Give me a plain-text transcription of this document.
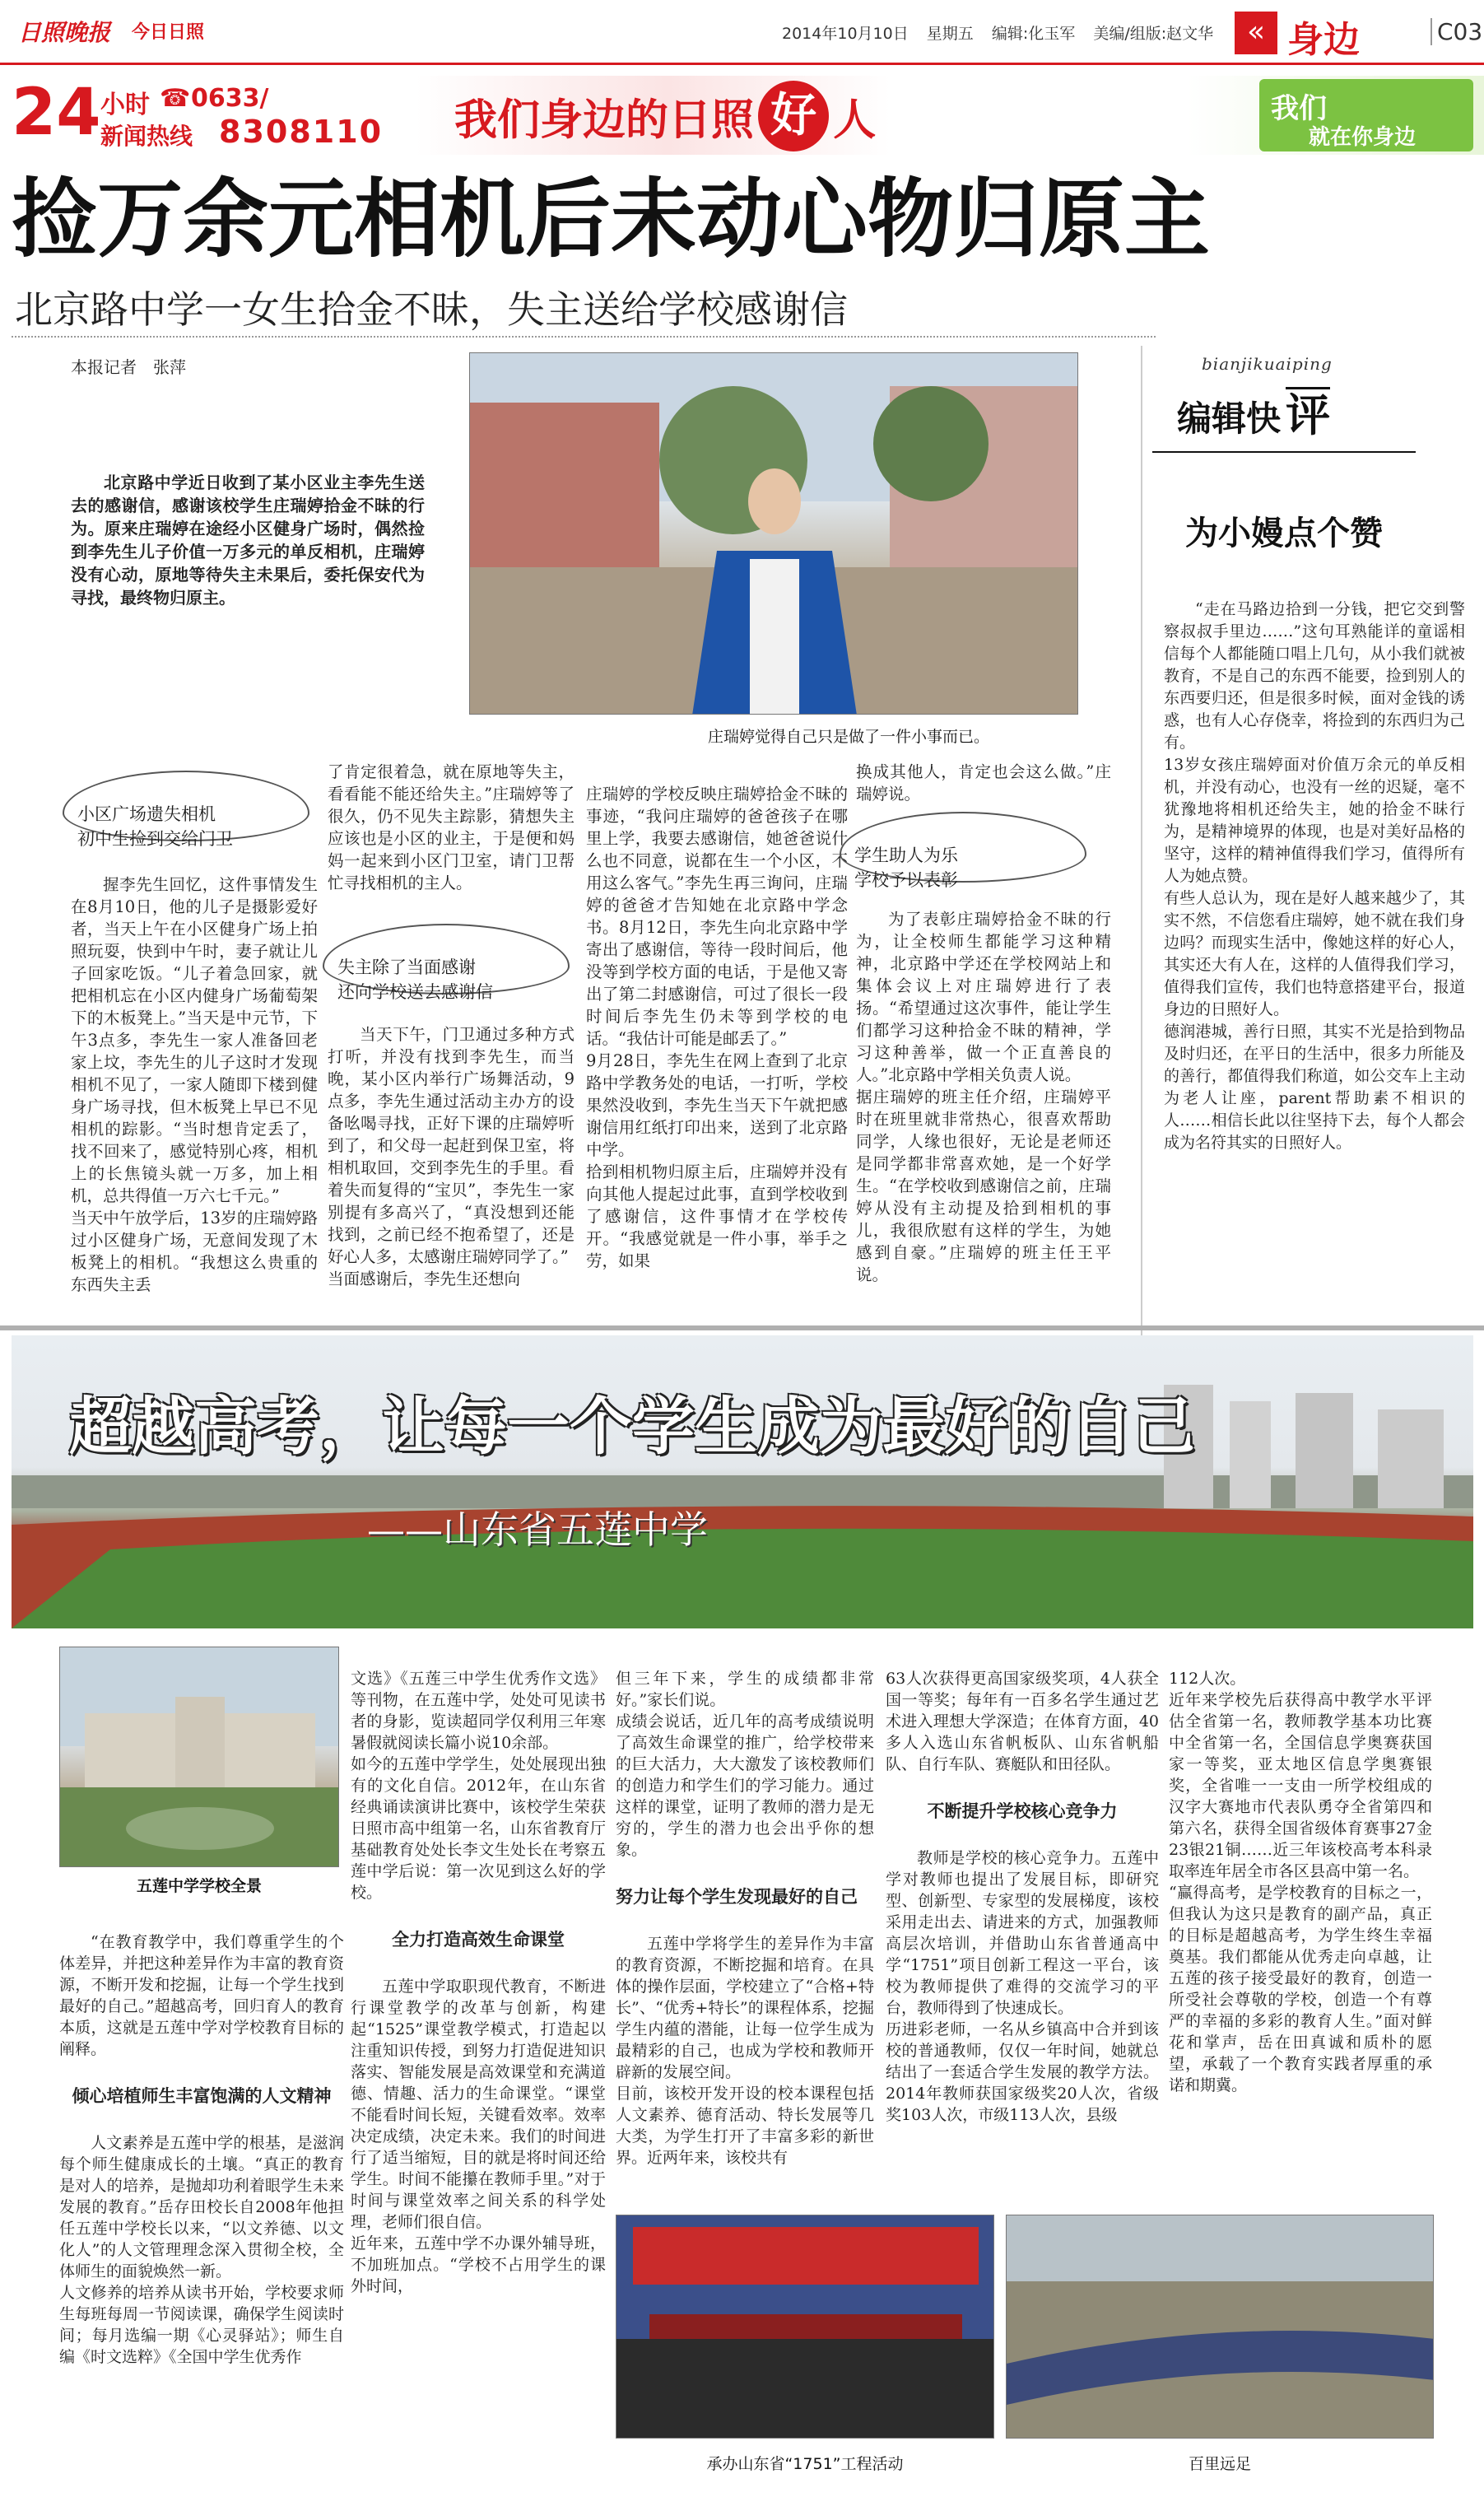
日照晚报 今日日照	2014年10月10日 星期五 编辑:化玉军 美编/组版:赵文华	« 身边	C03
24 小时 ☎
新闻热线
0633/
8308110 我们身边的日照 好 人	我们
就在你身边
捡万余元相机后未动心物归原主
北京路中学一女生拾金不昧，失主送给学校感谢信
本报记者　张萍

北京路中学近日收到了某小区业主李先生送去的感谢信，感谢该校学生庄瑞婷拾金不昧的行为。原来庄瑞婷在途经小区健身广场时，偶然捡到李先生儿子价值一万多元的单反相机，庄瑞婷没有心动，原地等待失主未果后，委托保安代为寻找，最终物归原主。

庄瑞婷觉得自己只是做了一件小事而已。

小区广场遗失相机
初中生捡到交给门卫

握李先生回忆，这件事情发生在8月10日，他的儿子是摄影爱好者，当天上午在小区健身广场上拍照玩耍，快到中午时，妻子就让儿子回家吃饭。“儿子着急回家，就把相机忘在小区内健身广场葡萄架下的木板凳上。”当天是中元节，下午3点多，李先生一家人准备回老家上坟，李先生的儿子这时才发现相机不见了，一家人随即下楼到健身广场寻找，但木板凳上早已不见相机的踪影。“当时想肯定丢了，找不回来了，感觉特别心疼，相机上的长焦镜头就一万多，加上相机，总共得值一万六七千元。”
当天中午放学后，13岁的庄瑞婷路过小区健身广场，无意间发现了木板凳上的相机。“我想这么贵重的东西失主丢

了肯定很着急，就在原地等失主，看看能不能还给失主。”庄瑞婷等了很久，仍不见失主踪影，猜想失主应该也是小区的业主，于是便和妈妈一起来到小区门卫室，请门卫帮忙寻找相机的主人。

失主除了当面感谢
还向学校送去感谢信

当天下午，门卫通过多种方式打听，并没有找到李先生，而当晚，某小区内举行广场舞活动，9点多，李先生通过活动主办方的设备吆喝寻找，正好下课的庄瑞婷听到了，和父母一起赶到保卫室，将相机取回，交到李先生的手里。看着失而复得的“宝贝”，李先生一家别提有多高兴了，“真没想到还能找到，之前已经不抱希望了，还是好心人多，太感谢庄瑞婷同学了。”
当面感谢后，李先生还想向

庄瑞婷的学校反映庄瑞婷拾金不昧的事迹，“我问庄瑞婷的爸爸孩子在哪里上学，我要去感谢信，她爸爸说什么也不同意，说都在生一个小区，不用这么客气。”李先生再三询问，庄瑞婷的爸爸才告知她在北京路中学念书。8月12日，李先生向北京路中学寄出了感谢信，等待一段时间后，他没等到学校方面的电话，于是他又寄出了第二封感谢信，可过了很长一段时间后李先生仍未等到学校的电话。“我估计可能是邮丢了。”
9月28日，李先生在网上查到了北京路中学教务处的电话，一打听，学校果然没收到，李先生当天下午就把感谢信用红纸打印出来，送到了北京路中学。
拾到相机物归原主后，庄瑞婷并没有向其他人提起过此事，直到学校收到了感谢信，这件事情才在学校传开。“我感觉就是一件小事，举手之劳，如果

换成其他人，肯定也会这么做。”庄瑞婷说。

学生助人为乐
学校予以表彰

为了表彰庄瑞婷拾金不昧的行为，让全校师生都能学习这种精神，北京路中学还在学校网站上和集体会议上对庄瑞婷进行了表扬。“希望通过这次事件，能让学生们都学习这种拾金不昧的精神，学习这种善举，做一个正直善良的人。”北京路中学相关负责人说。
据庄瑞婷的班主任介绍，庄瑞婷平时在班里就非常热心，很喜欢帮助同学，人缘也很好，无论是老师还是同学都非常喜欢她，是一个好学生。“在学校收到感谢信之前，庄瑞婷从没有主动提及拾到相机的事儿，我很欣慰有这样的学生，为她感到自豪。”庄瑞婷的班主任王平说。

bianjikuaiping
编辑快 评
为小嫚点个赞

“走在马路边拾到一分钱，把它交到警察叔叔手里边……”这句耳熟能详的童谣相信每个人都能随口唱上几句，从小我们就被教育，不是自己的东西不能要，捡到别人的东西要归还，但是很多时候，面对金钱的诱惑，也有人心存侥幸，将捡到的东西归为己有。
13岁女孩庄瑞婷面对价值万余元的单反相机，并没有动心，也没有一丝的迟疑，毫不犹豫地将相机还给失主，她的拾金不昧行为，是精神境界的体现，也是对美好品格的坚守，这样的精神值得我们学习，值得所有人为她点赞。
有些人总认为，现在是好人越来越少了，其实不然，不信您看庄瑞婷，她不就在我们身边吗？而现实生活中，像她这样的好心人，其实还大有人在，这样的人值得我们学习，值得我们宣传，我们也特意搭建平台，报道身边的日照好人。
德润港城，善行日照，其实不光是拾到物品及时归还，在平日的生活中，很多力所能及的善行，都值得我们称道，如公交车上主动为老人让座，parent帮助素不相识的人……相信长此以往坚持下去，每个人都会成为名符其实的日照好人。

超越高考，让每一个学生成为最好的自己
——山东省五莲中学
五莲中学学校全景

“在教育教学中，我们尊重学生的个体差异，并把这种差异作为丰富的教育资源，不断开发和挖掘，让每一个学生找到最好的自己。”超越高考，回归育人的教育本质，这就是五莲中学对学校教育目标的阐释。

倾心培植师生丰富饱满的人文精神

人文素养是五莲中学的根基，是滋润每个师生健康成长的土壤。“真正的教育是对人的培养，是抛却功利着眼学生未来发展的教育。”岳存田校长自2008年他担任五莲中学校长以来，“以文养德、以文化人”的人文管理理念深入贯彻全校，全体师生的面貌焕然一新。
人文修养的培养从读书开始，学校要求师生每班每周一节阅读课，确保学生阅读时间；每月选编一期《心灵驿站》；师生自编《时文选粹》《全国中学生优秀作

文选》《五莲三中学生优秀作文选》等刊物，在五莲中学，处处可见读书者的身影，览读超同学仅利用三年寒暑假就阅读长篇小说10余部。
如今的五莲中学学生，处处展现出独有的文化自信。2012年，在山东省经典诵读演讲比赛中，该校学生荣获日照市高中组第一名，山东省教育厅基础教育处处长李文生处长在考察五莲中学后说：第一次见到这么好的学校。

全力打造高效生命课堂

五莲中学取职现代教育，不断进行课堂教学的改革与创新，构建起“1525”课堂教学模式，打造起以注重知识传授，到努力打造促进知识落实、智能发展是高效课堂和充满道德、情趣、活力的生命课堂。“课堂不能看时间长短，关键看效率。效率决定成绩，决定未来。我们的时间进行了适当缩短，目的就是将时间还给学生。时间不能攥在教师手里。”对于时间与课堂效率之间关系的科学处理，老师们很自信。
近年来，五莲中学不办课外辅导班，不加班加点。“学校不占用学生的课外时间，

但三年下来，学生的成绩都非常好。”家长们说。
成绩会说话，近几年的高考成绩说明了高效生命课堂的推广，给学校带来的巨大活力，大大激发了该校教师们的创造力和学生们的学习能力。通过这样的课堂，证明了教师的潜力是无穷的，学生的潜力也会出乎你的想象。

努力让每个学生发现最好的自己

五莲中学将学生的差异作为丰富的教育资源，不断挖掘和培育。在具体的操作层面，学校建立了“合格+特长”、“优秀+特长”的课程体系，挖掘学生内蕴的潜能，让每一位学生成为最精彩的自己，也成为学校和教师开辟新的发展空间。
目前，该校开发开设的校本课程包括人文素养、德育活动、特长发展等几大类，为学生打开了丰富多彩的新世界。近两年来，该校共有

63人次获得更高国家级奖项，4人获全国一等奖；每年有一百多名学生通过艺术进入理想大学深造；在体育方面，40多人入选山东省帆板队、山东省帆船队、自行车队、赛艇队和田径队。

不断提升学校核心竞争力

教师是学校的核心竞争力。五莲中学对教师也提出了发展目标，即研究型、创新型、专家型的发展梯度，该校采用走出去、请进来的方式，加强教师高层次培训，并借助山东省普通高中学“1751”项目创新工程这一平台，该校为教师提供了难得的交流学习的平台，教师得到了快速成长。
历进彩老师，一名从乡镇高中合并到该校的普通教师，仅仅一年时间，她就总结出了一套适合学生发展的教学方法。2014年教师获国家级奖20人次，省级奖103人次，市级113人次，县级

112人次。
近年来学校先后获得高中教学水平评估全省第一名，教师教学基本功比赛中全省第一名，全国信息学奥赛获国家一等奖，亚太地区信息学奥赛银奖，全省唯一一支由一所学校组成的汉字大赛地市代表队勇夺全省第四和第六名，获得全国省级体育赛事27金23银21铜……近三年该校高考本科录取率连年居全市各区县高中第一名。
“赢得高考，是学校教育的目标之一，但我认为这只是教育的副产品，真正的目标是超越高考，为学生终生幸福奠基。我们都能从优秀走向卓越，让五莲的孩子接受最好的教育，创造一所受社会尊敬的学校，创造一个有尊严的幸福的多彩的教育人生。”面对鲜花和掌声，岳在田真诚和质朴的愿望，承载了一个教育实践者厚重的承诺和期冀。

承办山东省“1751”工程活动	百里远足
